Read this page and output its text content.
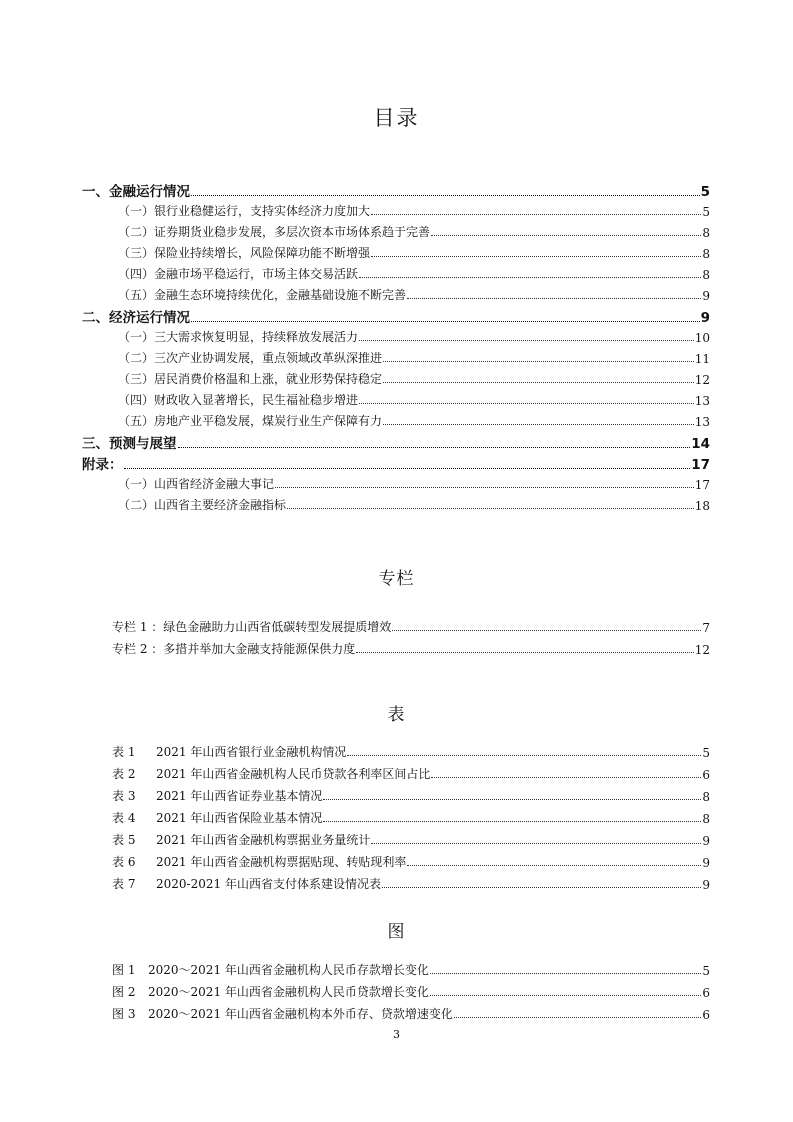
目录
一、金融运行情况	5
（一）银行业稳健运行，支持实体经济力度加大	5
（二）证券期货业稳步发展，多层次资本市场体系趋于完善	8
（三）保险业持续增长，风险保障功能不断增强	8
（四）金融市场平稳运行，市场主体交易活跃	8
（五）金融生态环境持续优化，金融基础设施不断完善	9
二、经济运行情况	9
（一）三大需求恢复明显，持续释放发展活力	10
（二）三次产业协调发展，重点领域改革纵深推进	11
（三）居民消费价格温和上涨，就业形势保持稳定	12
（四）财政收入显著增长，民生福祉稳步增进	13
（五）房地产业平稳发展，煤炭行业生产保障有力	13
三、预测与展望	14
附录：	17
（一）山西省经济金融大事记	17
（二）山西省主要经济金融指标	18
专栏
专栏 1 ：绿色金融助力山西省低碳转型发展提质增效	7
专栏 2 ：多措并举加大金融支持能源保供力度	12
表
表 1 2021 年山西省银行业金融机构情况	5
表 2 2021 年山西省金融机构人民币贷款各利率区间占比	6
表 3 2021 年山西省证券业基本情况	8
表 4 2021 年山西省保险业基本情况	8
表 5 2021 年山西省金融机构票据业务量统计	9
表 6 2021 年山西省金融机构票据贴现、转贴现利率	9
表 7 2020-2021 年山西省支付体系建设情况表	9
图
图 1 2020～2021 年山西省金融机构人民币存款增长变化	5
图 2 2020～2021 年山西省金融机构人民币贷款增长变化	6
图 3 2020～2021 年山西省金融机构本外币存、贷款增速变化	6
3
